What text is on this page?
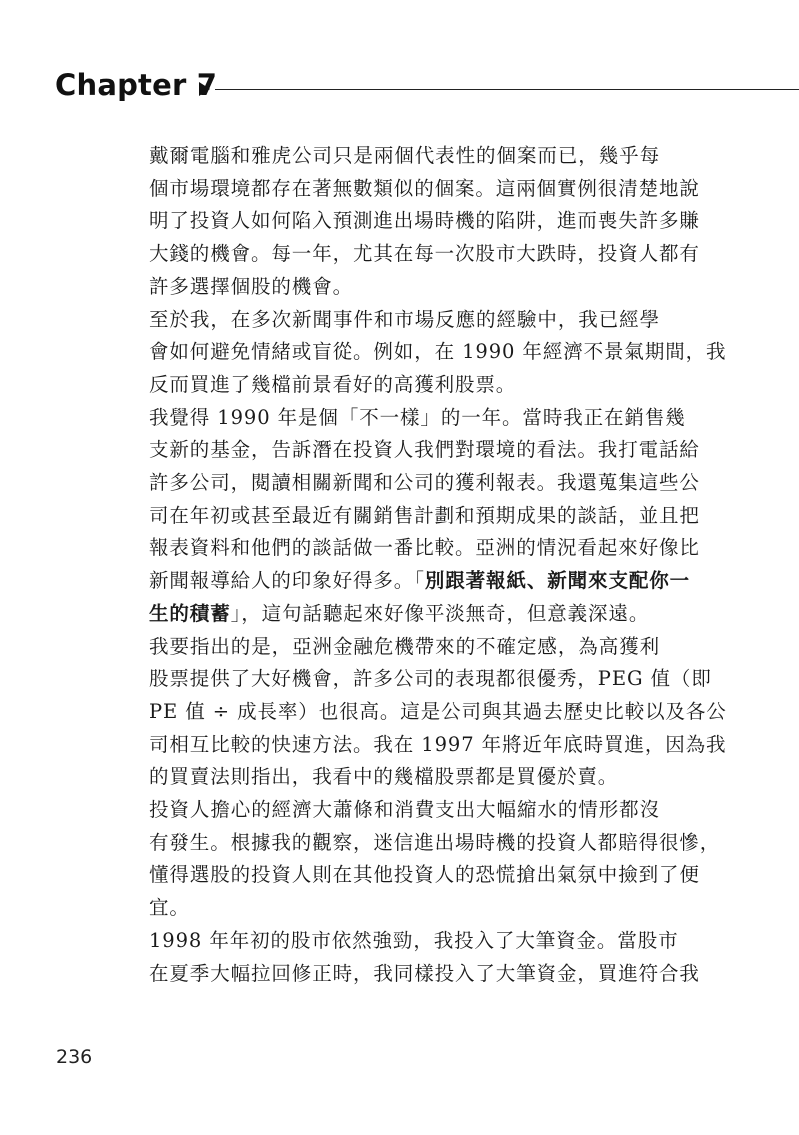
Chapter 7

戴爾電腦和雅虎公司只是兩個代表性的個案而已，幾乎每
個市場環境都存在著無數類似的個案。這兩個實例很清楚地說
明了投資人如何陷入預測進出場時機的陷阱，進而喪失許多賺
大錢的機會。每一年，尤其在每一次股市大跌時，投資人都有
許多選擇個股的機會。

至於我，在多次新聞事件和市場反應的經驗中，我已經學
會如何避免情緒或盲從。例如，在 1990 年經濟不景氣期間，我
反而買進了幾檔前景看好的高獲利股票。

我覺得 1990 年是個「不一樣」的一年。當時我正在銷售幾
支新的基金，告訴潛在投資人我們對環境的看法。我打電話給
許多公司，閱讀相關新聞和公司的獲利報表。我還蒐集這些公
司在年初或甚至最近有關銷售計劃和預期成果的談話，並且把
報表資料和他們的談話做一番比較。亞洲的情況看起來好像比
新聞報導給人的印象好得多。「別跟著報紙、新聞來支配你一
生的積蓄」，這句話聽起來好像平淡無奇，但意義深遠。

我要指出的是，亞洲金融危機帶來的不確定感，為高獲利
股票提供了大好機會，許多公司的表現都很優秀，PEG 值（即
PE 值 ÷ 成長率）也很高。這是公司與其過去歷史比較以及各公
司相互比較的快速方法。我在 1997 年將近年底時買進，因為我
的買賣法則指出，我看中的幾檔股票都是買優於賣。

投資人擔心的經濟大蕭條和消費支出大幅縮水的情形都沒
有發生。根據我的觀察，迷信進出場時機的投資人都賠得很慘，
懂得選股的投資人則在其他投資人的恐慌搶出氣氛中撿到了便
宜。

1998 年年初的股市依然強勁，我投入了大筆資金。當股市
在夏季大幅拉回修正時，我同樣投入了大筆資金，買進符合我

236
